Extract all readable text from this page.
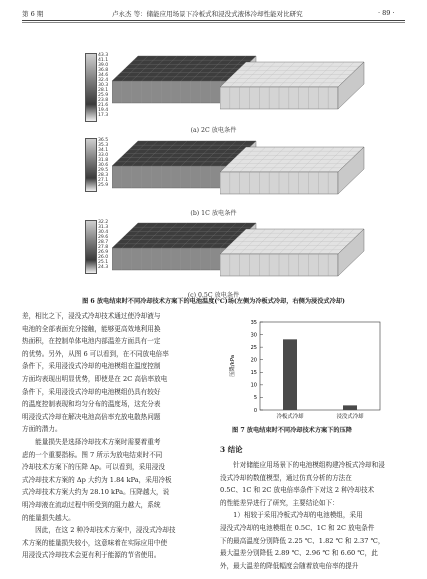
第 6 期	卢永杰 等：储能应用场景下冷板式和浸没式液体冷却性能对比研究	· 89 ·
43.3
41.1
39.0
36.8
34.6
32.4
30.3
28.1
25.9
23.8
21.6
19.4
17.3
(a) 2C 放电条件
36.5
35.3
34.1
33.0
31.8
30.6
29.5
28.3
27.1
25.9
(b) 1C 放电条件
32.2
31.3
30.4
29.6
28.7
27.8
26.9
26.0
25.1
24.3
(c) 0.5C 放电条件
图 6 放电结束时不同冷却技术方案下的电池温度(℃)场(左侧为冷板式冷却，右侧为浸没式冷却)
差，相比之下，浸没式冷却技术通过使冷却液与
电池的全部表面充分接触，能够更高效地利用换
热面积，在控制单体电池内部温差方面具有一定
的优势。另外，从图 6 可以看到，在不同放电倍率
条件下，采用浸没式冷却的电池模组在温度控制
方面均表现出明显优势，即使是在 2C 高倍率放电
条件下，采用浸没式冷却的电池模组仍具有较好
的温度控制表现和均匀分布的温度场，这充分表
明浸没式冷却在解决电池高倍率充放电散热问题
方面的潜力。
　　能量损失是选择冷却技术方案时需要着重考
虑的一个重要指标。图 7 所示为放电结束时不同
冷却技术方案下的压降 Δp。可以看到，采用浸没
式冷却技术方案的 Δp 大约为 1.84 kPa，采用冷板
式冷却技术方案大约为 28.10 kPa。压降越大，说
明冷却液在流动过程中所受到的阻力越大，系统
的能量损失越大。
　　因此，在这 2 种冷却技术方案中，浸没式冷却技
术方案的能量损失较小，这意味着在实际应用中使
用浸没式冷却技术会更有利于能源的节省使用。
0
5
10
15
20
25
30
35
压降/kPa
冷板式冷却	浸没式冷却
图 7 放电结束时不同冷却技术方案下的压降
3 结论
　　针对储能应用场景下的电池模组构建冷板式冷却和浸
没式冷却的数值模型，通过仿真分析的方法在
0.5C、1C 和 2C 放电倍率条件下对这 2 种冷却技术
的性能差异进行了研究，主要结论如下：
　　1）相较于采用冷板式冷却的电池模组，采用
浸没式冷却的电池模组在 0.5C、1C 和 2C 放电条件
下的最高温度分别降低 2.25 ℃、1.82 ℃ 和 2.37 ℃，
最大温差分别降低 2.89 ℃、2.96 ℃ 和 6.60 ℃，此
外，最大温差的降低幅度会随着放电倍率的提升
